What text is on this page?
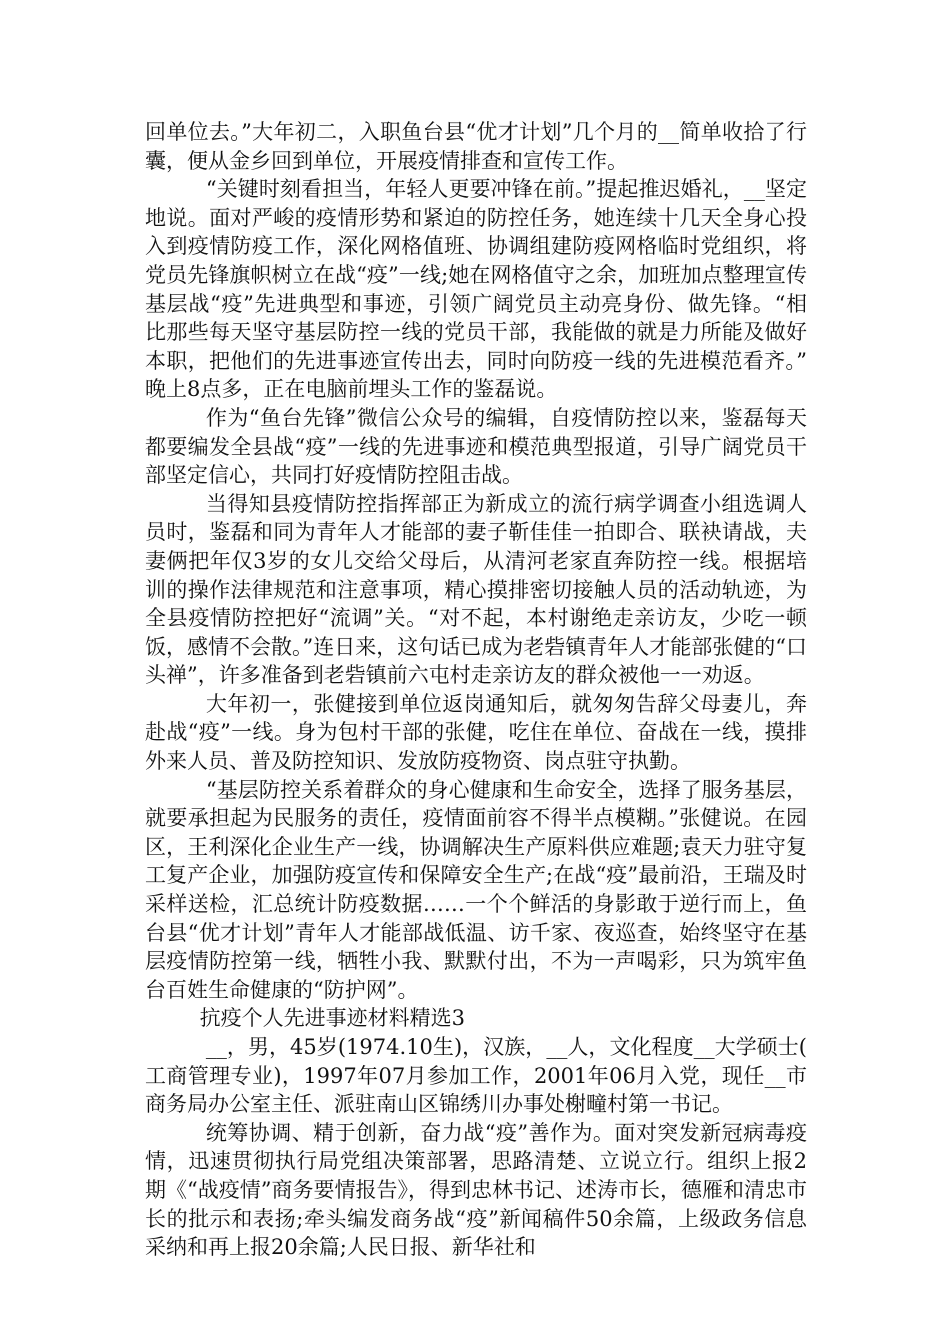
回单位去。”大年初二，入职鱼台县“优才计划”几个月的__简单收拾了行囊，便从金乡回到单位，开展疫情排查和宣传工作。

“关键时刻看担当，年轻人更要冲锋在前。”提起推迟婚礼，__坚定地说。面对严峻的疫情形势和紧迫的防控任务，她连续十几天全身心投入到疫情防疫工作，深化网格值班、协调组建防疫网格临时党组织，将党员先锋旗帜树立在战“疫”一线;她在网格值守之余，加班加点整理宣传基层战“疫”先进典型和事迹，引领广阔党员主动亮身份、做先锋。“相比那些每天坚守基层防控一线的党员干部，我能做的就是力所能及做好本职，把他们的先进事迹宣传出去，同时向防疫一线的先进模范看齐。”晚上8点多，正在电脑前埋头工作的鉴磊说。

作为“鱼台先锋”微信公众号的编辑，自疫情防控以来，鉴磊每天都要编发全县战“疫”一线的先进事迹和模范典型报道，引导广阔党员干部坚定信心，共同打好疫情防控阻击战。

当得知县疫情防控指挥部正为新成立的流行病学调查小组选调人员时，鉴磊和同为青年人才能部的妻子靳佳佳一拍即合、联袂请战，夫妻俩把年仅3岁的女儿交给父母后，从清河老家直奔防控一线。根据培训的操作法律规范和注意事项，精心摸排密切接触人员的活动轨迹，为全县疫情防控把好“流调”关。“对不起，本村谢绝走亲访友，少吃一顿饭，感情不会散。”连日来，这句话已成为老砦镇青年人才能部张健的“口头禅”，许多准备到老砦镇前六屯村走亲访友的群众被他一一劝返。

大年初一，张健接到单位返岗通知后，就匆匆告辞父母妻儿，奔赴战“疫”一线。身为包村干部的张健，吃住在单位、奋战在一线，摸排外来人员、普及防控知识、发放防疫物资、岗点驻守执勤。

“基层防控关系着群众的身心健康和生命安全，选择了服务基层，就要承担起为民服务的责任，疫情面前容不得半点模糊。”张健说。在园区，王利深化企业生产一线，协调解决生产原料供应难题;袁天力驻守复工复产企业，加强防疫宣传和保障安全生产;在战“疫”最前沿，王瑞及时采样送检，汇总统计防疫数据……一个个鲜活的身影敢于逆行而上，鱼台县“优才计划”青年人才能部战低温、访千家、夜巡查，始终坚守在基层疫情防控第一线，牺牲小我、默默付出，不为一声喝彩，只为筑牢鱼台百姓生命健康的“防护网”。

抗疫个人先进事迹材料精选3

__，男，45岁(1974.10生)，汉族，__人，文化程度__大学硕士(工商管理专业)，1997年07月参加工作，2001年06月入党，现任__市商务局办公室主任、派驻南山区锦绣川办事处榭疃村第一书记。

统筹协调、精于创新，奋力战“疫”善作为。面对突发新冠病毒疫情，迅速贯彻执行局党组决策部署，思路清楚、立说立行。组织上报2期《“战疫情”商务要情报告》，得到忠林书记、述涛市长，德雁和清忠市长的批示和表扬;牵头编发商务战“疫”新闻稿件50余篇，上级政务信息采纳和再上报20余篇;人民日报、新华社和
